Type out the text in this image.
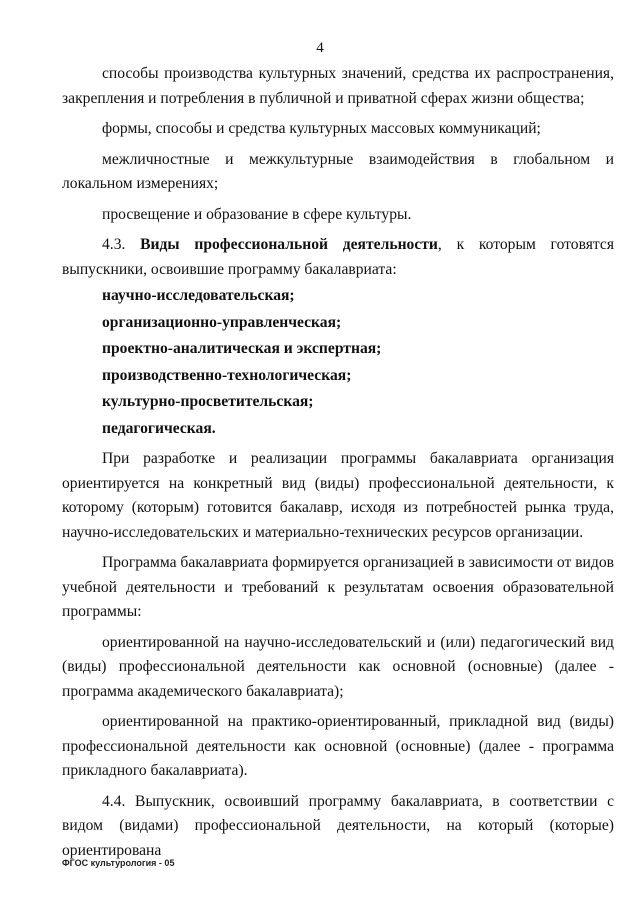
4

способы производства культурных значений, средства их распространения, закрепления и потребления в публичной и приватной сферах жизни общества;

формы, способы и средства культурных массовых коммуникаций;

межличностные и межкультурные взаимодействия в глобальном и локальном измерениях;

просвещение и образование в сфере культуры.

4.3. Виды профессиональной деятельности, к которым готовятся выпускники, освоившие программу бакалавриата:

научно-исследовательская;

организационно-управленческая;

проектно-аналитическая и экспертная;

производственно-технологическая;

культурно-просветительская;

педагогическая.

При разработке и реализации программы бакалавриата организация ориентируется на конкретный вид (виды) профессиональной деятельности, к которому (которым) готовится бакалавр, исходя из потребностей рынка труда, научно-исследовательских и материально-технических ресурсов организации.

Программа бакалавриата формируется организацией в зависимости от видов учебной деятельности и требований к результатам освоения образовательной программы:

ориентированной на научно-исследовательский и (или) педагогический вид (виды) профессиональной деятельности как основной (основные) (далее - программа академического бакалавриата);

ориентированной на практико-ориентированный, прикладной вид (виды) профессиональной деятельности как основной (основные) (далее - программа прикладного бакалавриата).

4.4. Выпускник, освоивший программу бакалавриата, в соответствии с видом (видами) профессиональной деятельности, на который (которые) ориентирована

ФГОС культурология - 05
